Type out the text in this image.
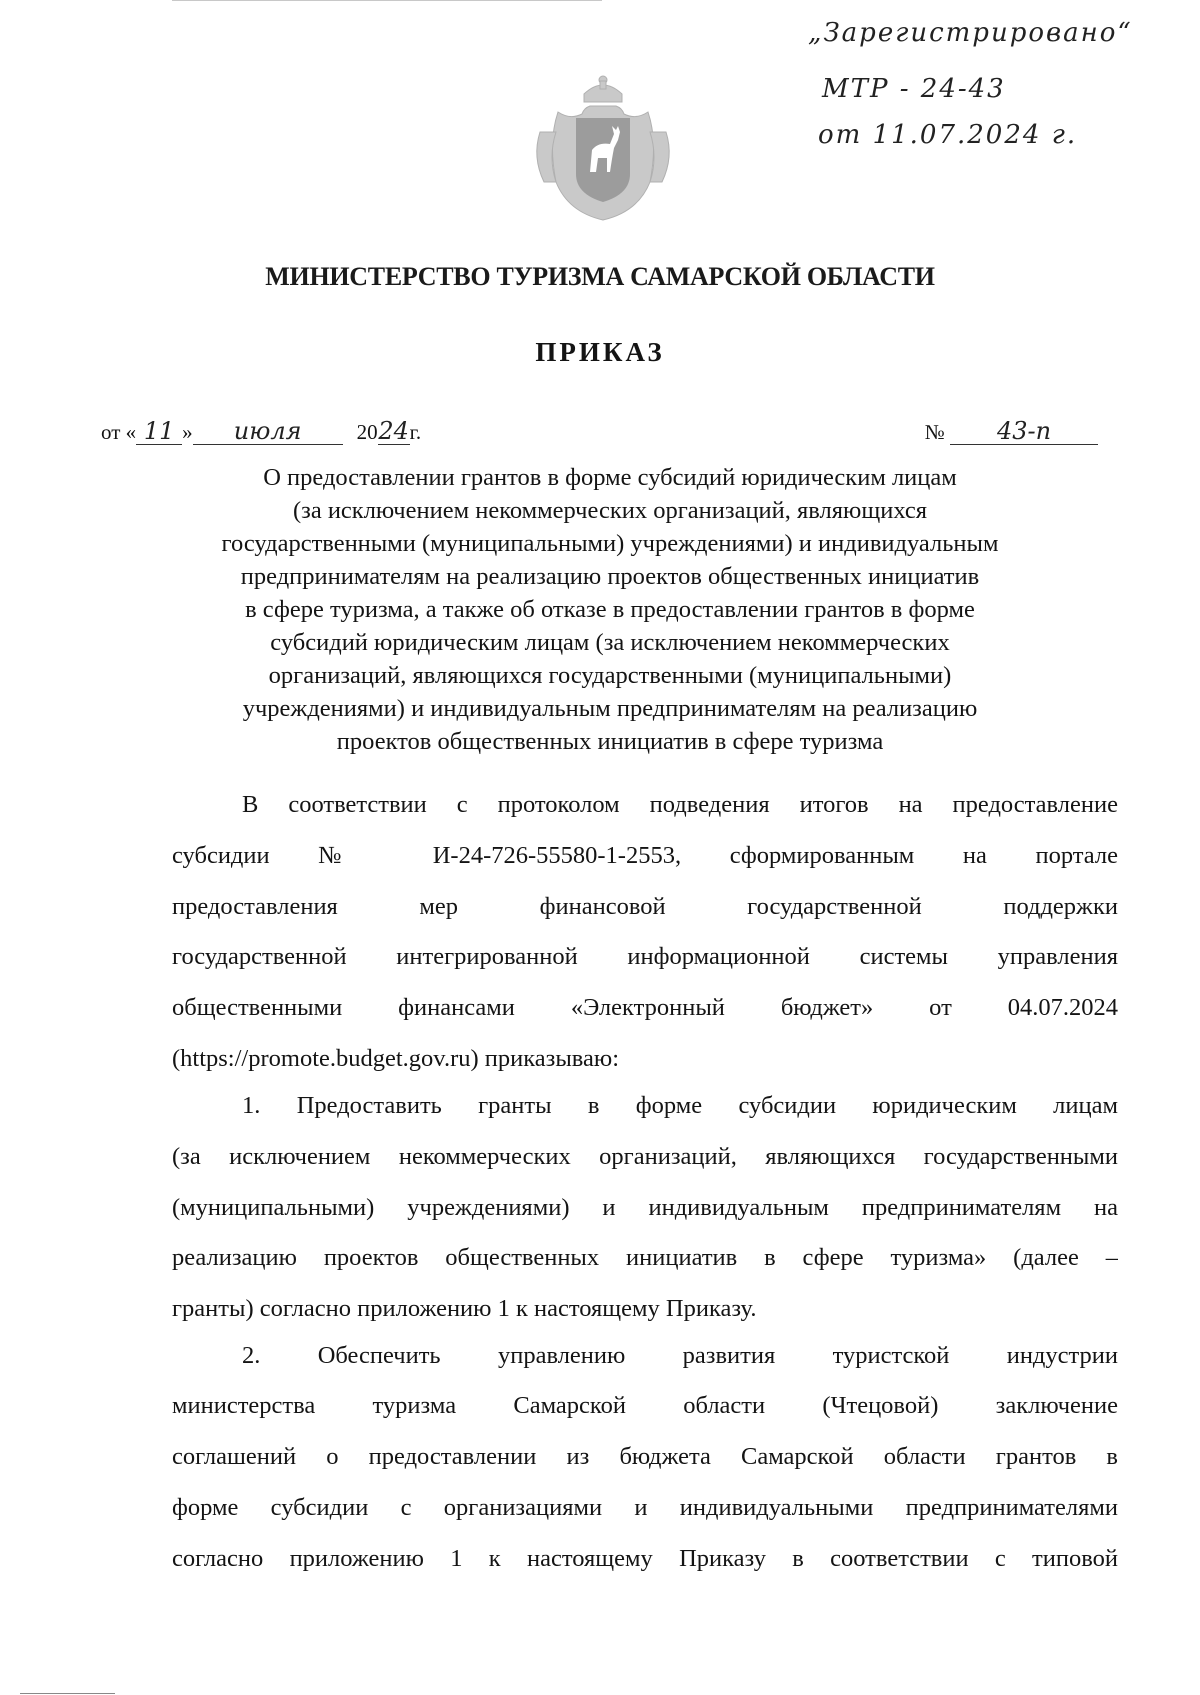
„Зарегистрировано“
МТР - 24-43
от 11.07.2024 г.
МИНИСТЕРСТВО ТУРИЗМА САМАРСКОЙ ОБЛАСТИ
ПРИКАЗ
от « 11 » июля	2024г.	№ 43-п
О предоставлении грантов в форме субсидий юридическим лицам
(за исключением некоммерческих организаций, являющихся
государственными (муниципальными) учреждениями) и индивидуальным
предпринимателям на реализацию проектов общественных инициатив
в сфере туризма, а также об отказе в предоставлении грантов в форме
субсидий юридическим лицам (за исключением некоммерческих
организаций, являющихся государственными (муниципальными)
учреждениями) и индивидуальным предпринимателям на реализацию
проектов общественных инициатив в сфере туризма
В соответствии с протоколом подведения итогов на предоставление
субсидии № И-24-726-55580-1-2553, сформированным на портале
предоставления мер финансовой государственной поддержки
государственной интегрированной информационной системы управления
общественными финансами «Электронный бюджет» от 04.07.2024
(https://promote.budget.gov.ru) приказываю:
1. Предоставить гранты в форме субсидии юридическим лицам
(за исключением некоммерческих организаций, являющихся государственными
(муниципальными) учреждениями) и индивидуальным предпринимателям на
реализацию проектов общественных инициатив в сфере туризма» (далее –
гранты) согласно приложению 1 к настоящему Приказу.
2. Обеспечить управлению развития туристской индустрии
министерства туризма Самарской области (Чтецовой) заключение
соглашений о предоставлении из бюджета Самарской области грантов в
форме субсидии с организациями и индивидуальными предпринимателями
согласно приложению 1 к настоящему Приказу в соответствии с типовой
